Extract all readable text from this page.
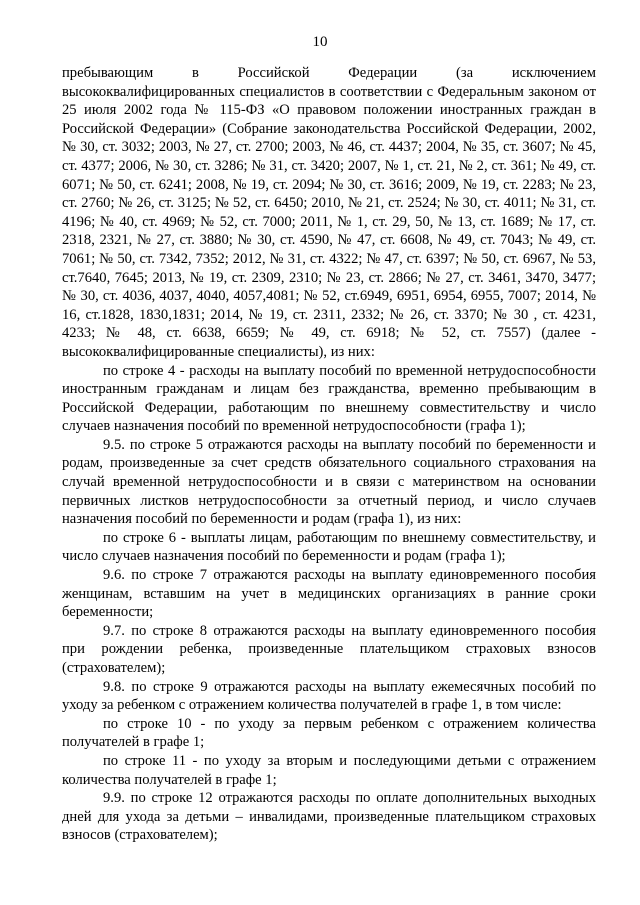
10

пребывающим в Российской Федерации (за исключением высококвалифицированных специалистов в соответствии с Федеральным законом от 25 июля 2002 года № 115-ФЗ «О правовом положении иностранных граждан в Российской Федерации» (Собрание законодательства Российской Федерации, 2002, № 30, ст. 3032; 2003, № 27, ст. 2700; 2003, № 46, ст. 4437; 2004, № 35, ст. 3607; № 45, ст. 4377; 2006, № 30, ст. 3286; № 31, ст. 3420; 2007, № 1, ст. 21, № 2, ст. 361; № 49, ст. 6071; № 50, ст. 6241; 2008, № 19, ст. 2094; № 30, ст. 3616; 2009, № 19, ст. 2283; № 23, ст. 2760; № 26, ст. 3125; № 52, ст. 6450; 2010, № 21, ст. 2524; № 30, ст. 4011; № 31, ст. 4196; № 40, ст. 4969; № 52, ст. 7000; 2011, № 1, ст. 29, 50, № 13, ст. 1689; № 17, ст. 2318, 2321, № 27, ст. 3880; № 30, ст. 4590, № 47, ст. 6608, № 49, ст. 7043; № 49, ст. 7061; № 50, ст. 7342, 7352; 2012, № 31, ст. 4322; № 47, ст. 6397; № 50, ст. 6967, № 53, ст.7640, 7645; 2013, № 19, ст. 2309, 2310; № 23, ст. 2866; № 27, ст. 3461, 3470, 3477; № 30, ст. 4036, 4037, 4040, 4057,4081; № 52, ст.6949, 6951, 6954, 6955, 7007; 2014, № 16, ст.1828, 1830,1831; 2014, № 19, ст. 2311, 2332; № 26, ст. 3370; № 30 , ст. 4231, 4233; № 48, ст. 6638, 6659; № 49, ст. 6918; № 52, ст. 7557) (далее - высококвалифицированные специалисты), из них:

по строке 4 - расходы на выплату пособий по временной нетрудоспособности иностранным гражданам и лицам без гражданства, временно пребывающим в Российской Федерации, работающим по внешнему совместительству и число случаев назначения пособий по временной нетрудоспособности (графа 1);

9.5. по строке 5 отражаются расходы на выплату пособий по беременности и родам, произведенные за счет средств обязательного социального страхования на случай временной нетрудоспособности и в связи с материнством на основании первичных листков нетрудоспособности за отчетный период, и число случаев назначения пособий по беременности и родам (графа 1), из них:

по строке 6 - выплаты лицам, работающим по внешнему совместительству, и число случаев назначения пособий по беременности и родам (графа 1);

9.6. по строке 7 отражаются расходы на выплату единовременного пособия женщинам, вставшим на учет в медицинских организациях в ранние сроки беременности;

9.7. по строке 8 отражаются расходы на выплату единовременного пособия при рождении ребенка, произведенные плательщиком страховых взносов (страхователем);

9.8. по строке 9 отражаются расходы на выплату ежемесячных пособий по уходу за ребенком с отражением количества получателей в графе 1, в том числе:

по строке 10 - по уходу за первым ребенком с отражением количества получателей в графе 1;

по строке 11 - по уходу за вторым и последующими детьми с отражением количества получателей в графе 1;

9.9. по строке 12 отражаются расходы по оплате дополнительных выходных дней для ухода за детьми – инвалидами, произведенные плательщиком страховых взносов (страхователем);
